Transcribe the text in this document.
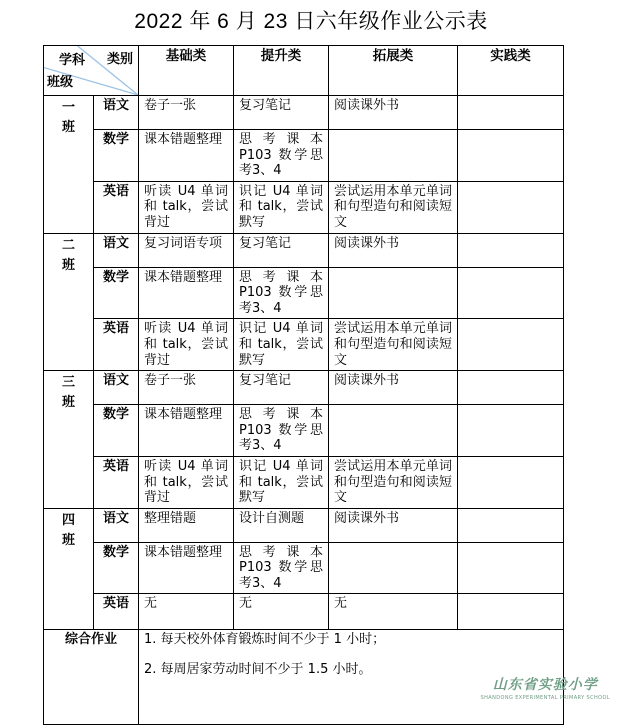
2022 年 6 月 23 日六年级作业公示表
学科 类别
班级		基础类	提升类	拓展类	实践类

一班	语文	卷子一张	复习笔记	阅读课外书	
	数学	课本错题整理	思考课本 P103 数学思考3、4		
	英语	听读 U4 单词和 talk，尝试背过	识记 U4 单词和 talk，尝试默写	尝试运用本单元单词和句型造句和阅读短文	

二班	语文	复习词语专项	复习笔记	阅读课外书	
	数学	课本错题整理	思考课本 P103 数学思考3、4		
	英语	听读 U4 单词和 talk，尝试背过	识记 U4 单词和 talk，尝试默写	尝试运用本单元单词和句型造句和阅读短文	

三班	语文	卷子一张	复习笔记	阅读课外书	
	数学	课本错题整理	思考课本 P103 数学思考3、4		
	英语	听读 U4 单词和 talk，尝试背过	识记 U4 单词和 talk，尝试默写	尝试运用本单元单词和句型造句和阅读短文	

四班	语文	整理错题	设计自测题	阅读课外书	
	数学	课本错题整理	思考课本 P103 数学思考3、4		
	英语	无	无	无	
综合作业		1. 每天校外体育锻炼时间不少于 1 小时；

2. 每周居家劳动时间不少于 1.5 小时。			

山东省实验小学
SHANDONG EXPERIMENTAL PRIMARY SCHOOL
